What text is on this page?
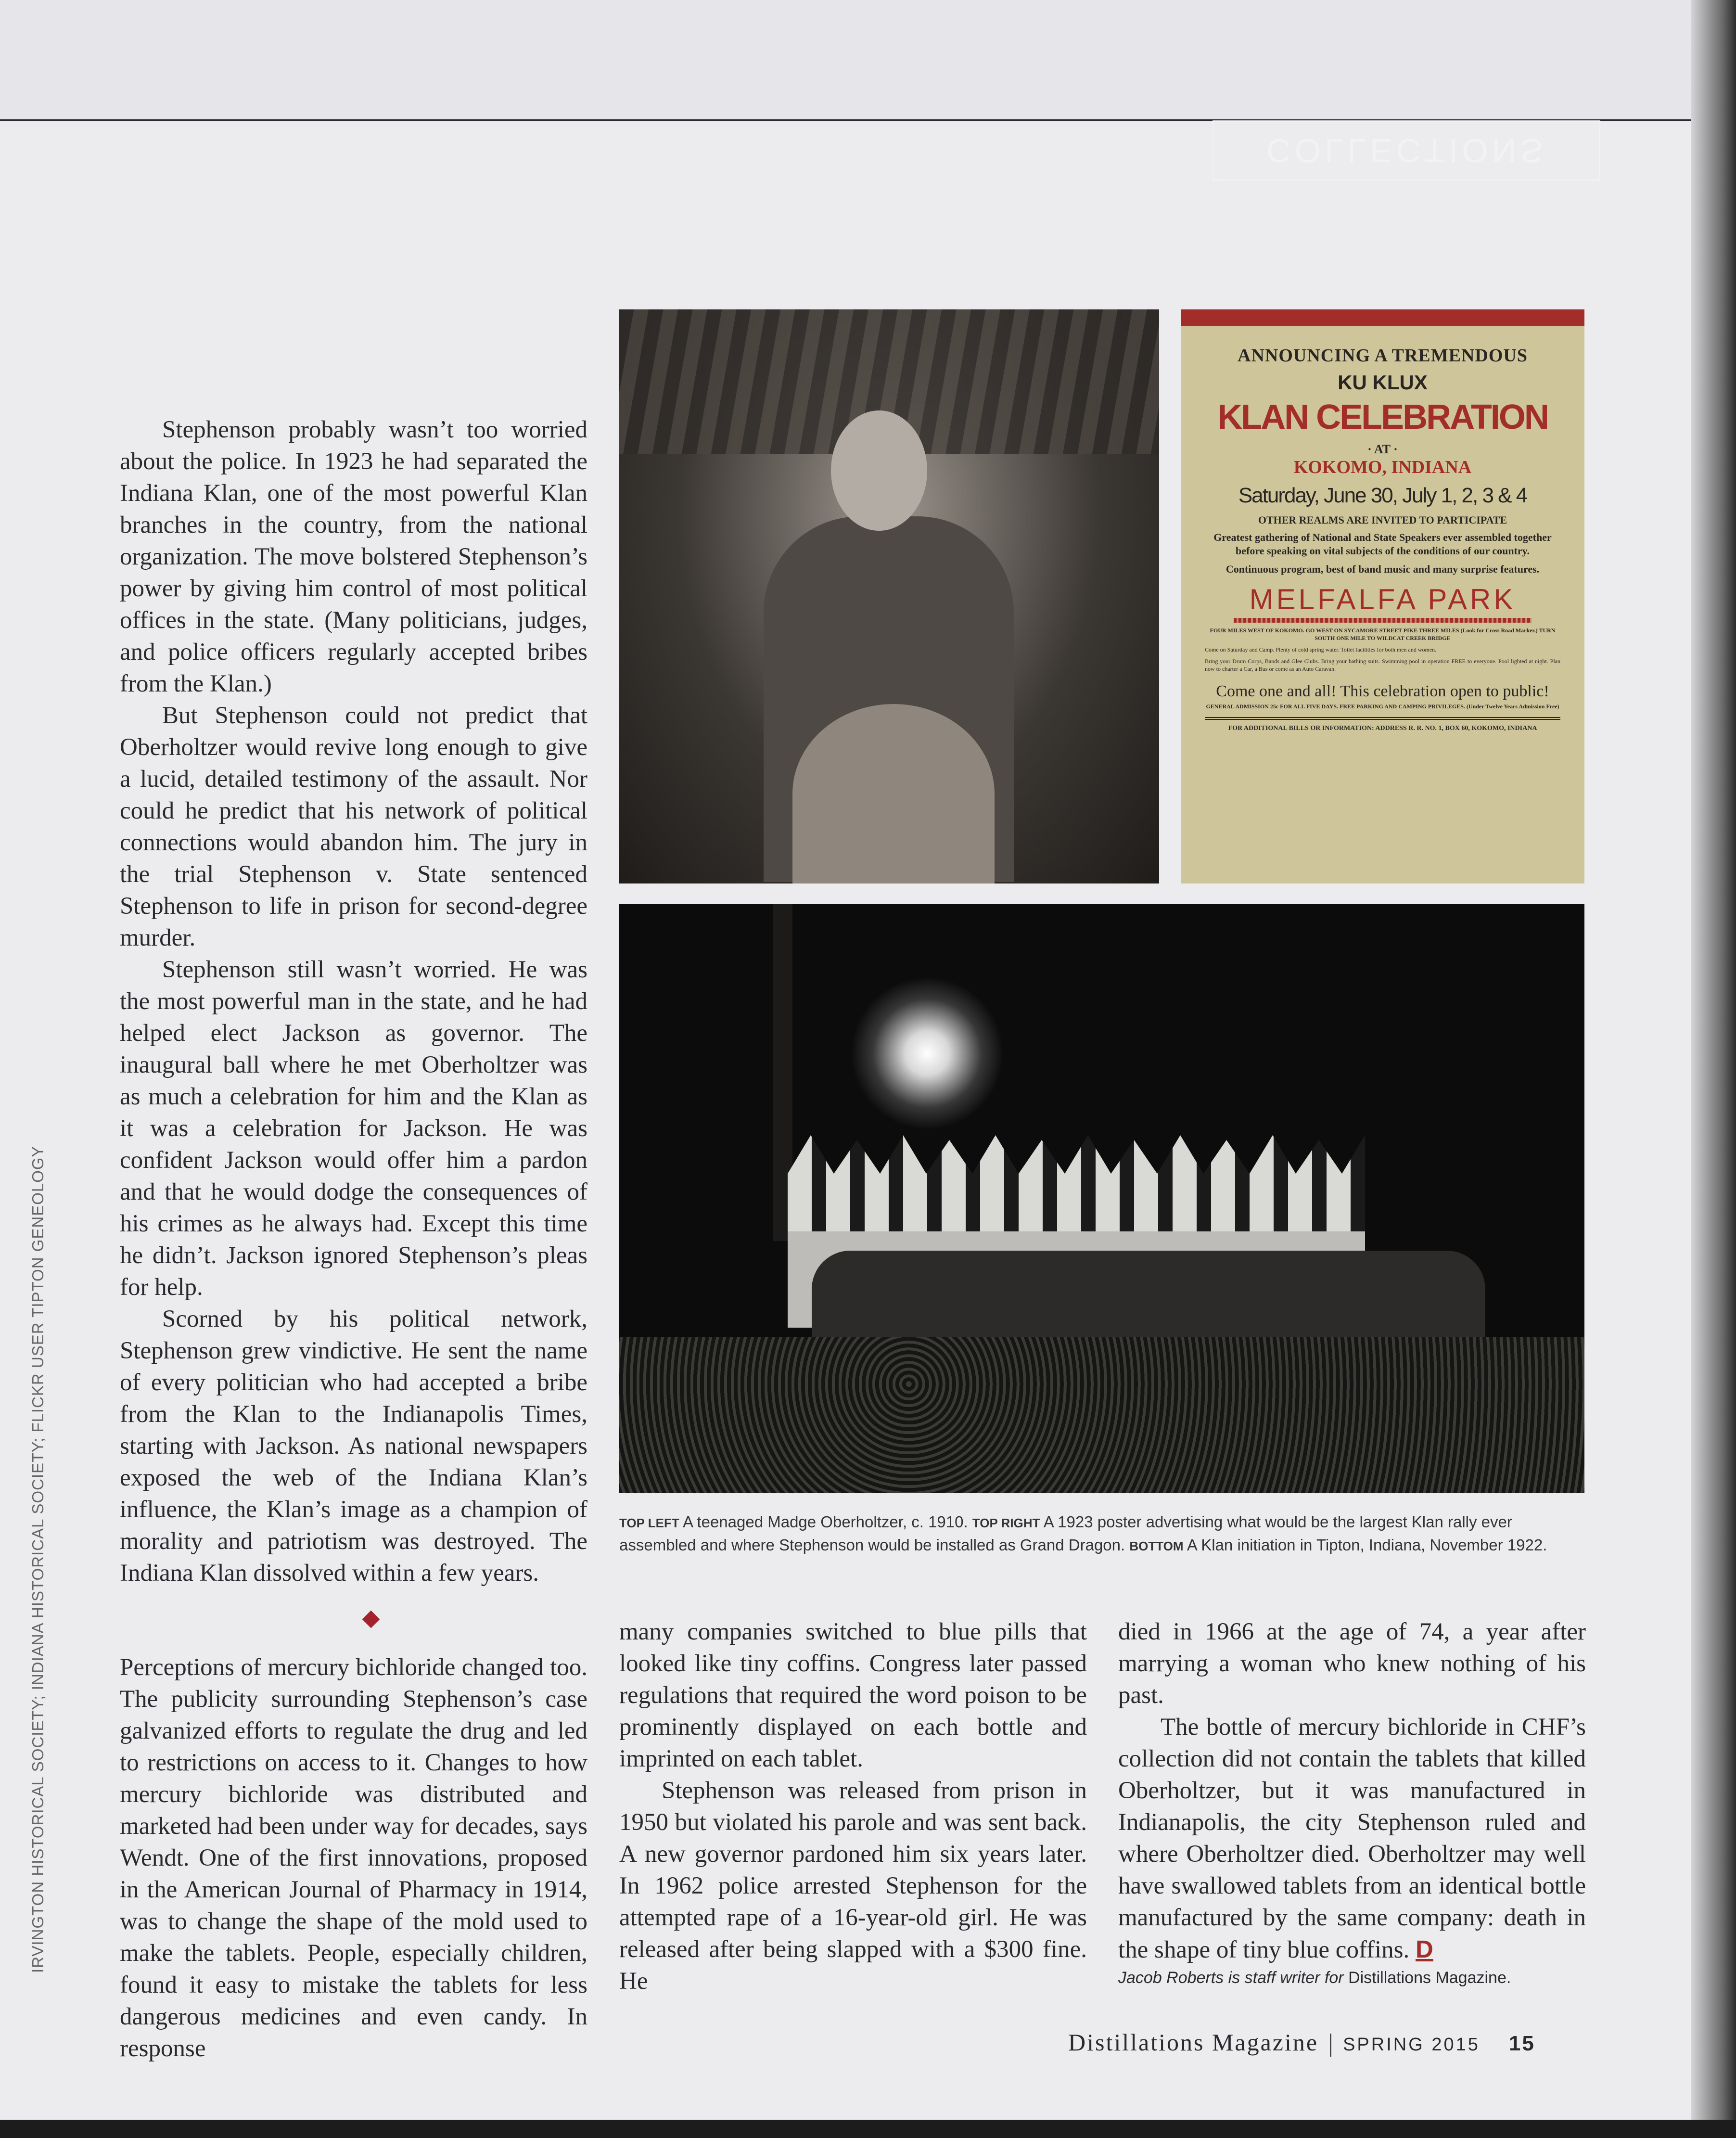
COLLECTIONS

Stephenson probably wasn’t too worried about the police. In 1923 he had separated the Indiana Klan, one of the most powerful Klan branches in the country, from the national organization. The move bolstered Stephenson’s power by giving him control of most political offices in the state. (Many politicians, judges, and police officers regularly accepted bribes from the Klan.)

But Stephenson could not predict that Oberholtzer would revive long enough to give a lucid, detailed testimony of the assault. Nor could he predict that his network of political connections would abandon him. The jury in the trial Stephenson v. State sentenced Stephenson to life in prison for second-degree murder.

Stephenson still wasn’t worried. He was the most powerful man in the state, and he had helped elect Jackson as governor. The inaugural ball where he met Oberholtzer was as much a celebration for him and the Klan as it was a celebration for Jackson. He was confident Jackson would offer him a pardon and that he would dodge the consequences of his crimes as he always had. Except this time he didn’t. Jackson ignored Stephenson’s pleas for help.

Scorned by his political network, Stephenson grew vindictive. He sent the name of every politician who had accepted a bribe from the Klan to the Indianapolis Times, starting with Jackson. As national newspapers exposed the web of the Indiana Klan’s influence, the Klan’s image as a champion of morality and patriotism was destroyed. The Indiana Klan dissolved within a few years.

Perceptions of mercury bichloride changed too. The publicity surrounding Stephenson’s case galvanized efforts to regulate the drug and led to restrictions on access to it. Changes to how mercury bichloride was distributed and marketed had been under way for decades, says Wendt. One of the first innovations, proposed in the American Journal of Pharmacy in 1914, was to change the shape of the mold used to make the tablets. People, especially children, found it easy to mistake the tablets for less dangerous medicines and even candy. In response

ANNOUNCING A TREMENDOUS
KU KLUX
KLAN CELEBRATION
· AT ·
KOKOMO, INDIANA
Saturday, June 30, July 1, 2, 3 & 4
OTHER REALMS ARE INVITED TO PARTICIPATE
Greatest gathering of National and State Speakers ever assembled together before speaking on vital subjects of the conditions of our country.
Continuous program, best of band music and many surprise features.
MELFALFA PARK
FOUR MILES WEST OF KOKOMO. GO WEST ON SYCAMORE STREET PIKE THREE MILES (Look for Cross Road Marker.) TURN SOUTH ONE MILE TO WILDCAT CREEK BRIDGE
Come on Saturday and Camp. Plenty of cold spring water. Toilet facilities for both men and women.
Bring your Drum Corps, Bands and Glee Clubs. Bring your bathing suits. Swimming pool in operation FREE to everyone. Pool lighted at night. Plan now to charter a Car, a Bus or come as an Auto Caravan.
Come one and all! This celebration open to public!
GENERAL ADMISSION 25c FOR ALL FIVE DAYS. FREE PARKING AND CAMPING PRIVILEGES. (Under Twelve Years Admission Free)
FOR ADDITIONAL BILLS OR INFORMATION: ADDRESS R. R. NO. 1, BOX 60, KOKOMO, INDIANA
TOP LEFT A teenaged Madge Oberholtzer, c. 1910. TOP RIGHT A 1923 poster advertising what would be the largest Klan rally ever assembled and where Stephenson would be installed as Grand Dragon. BOTTOM A Klan initiation in Tipton, Indiana, November 1922.

many companies switched to blue pills that looked like tiny coffins. Congress later passed regulations that required the word poison to be prominently displayed on each bottle and imprinted on each tablet.

Stephenson was released from prison in 1950 but violated his parole and was sent back. A new governor pardoned him six years later. In 1962 police arrested Stephenson for the attempted rape of a 16-year-old girl. He was released after being slapped with a $300 fine. He

died in 1966 at the age of 74, a year after marrying a woman who knew nothing of his past.

The bottle of mercury bichloride in CHF’s collection did not contain the tablets that killed Oberholtzer, but it was manufactured in Indianapolis, the city Stephenson ruled and where Oberholtzer died. Oberholtzer may well have swallowed tablets from an identical bottle manufactured by the same company: death in the shape of tiny blue coffins. D

Jacob Roberts is staff writer for Distillations Magazine.

IRVINGTON HISTORICAL SOCIETY; INDIANA HISTORICAL SOCIETY; FLICKR USER TIPTON GENEOLOGY
Distillations Magazine SPRING 2015 15
